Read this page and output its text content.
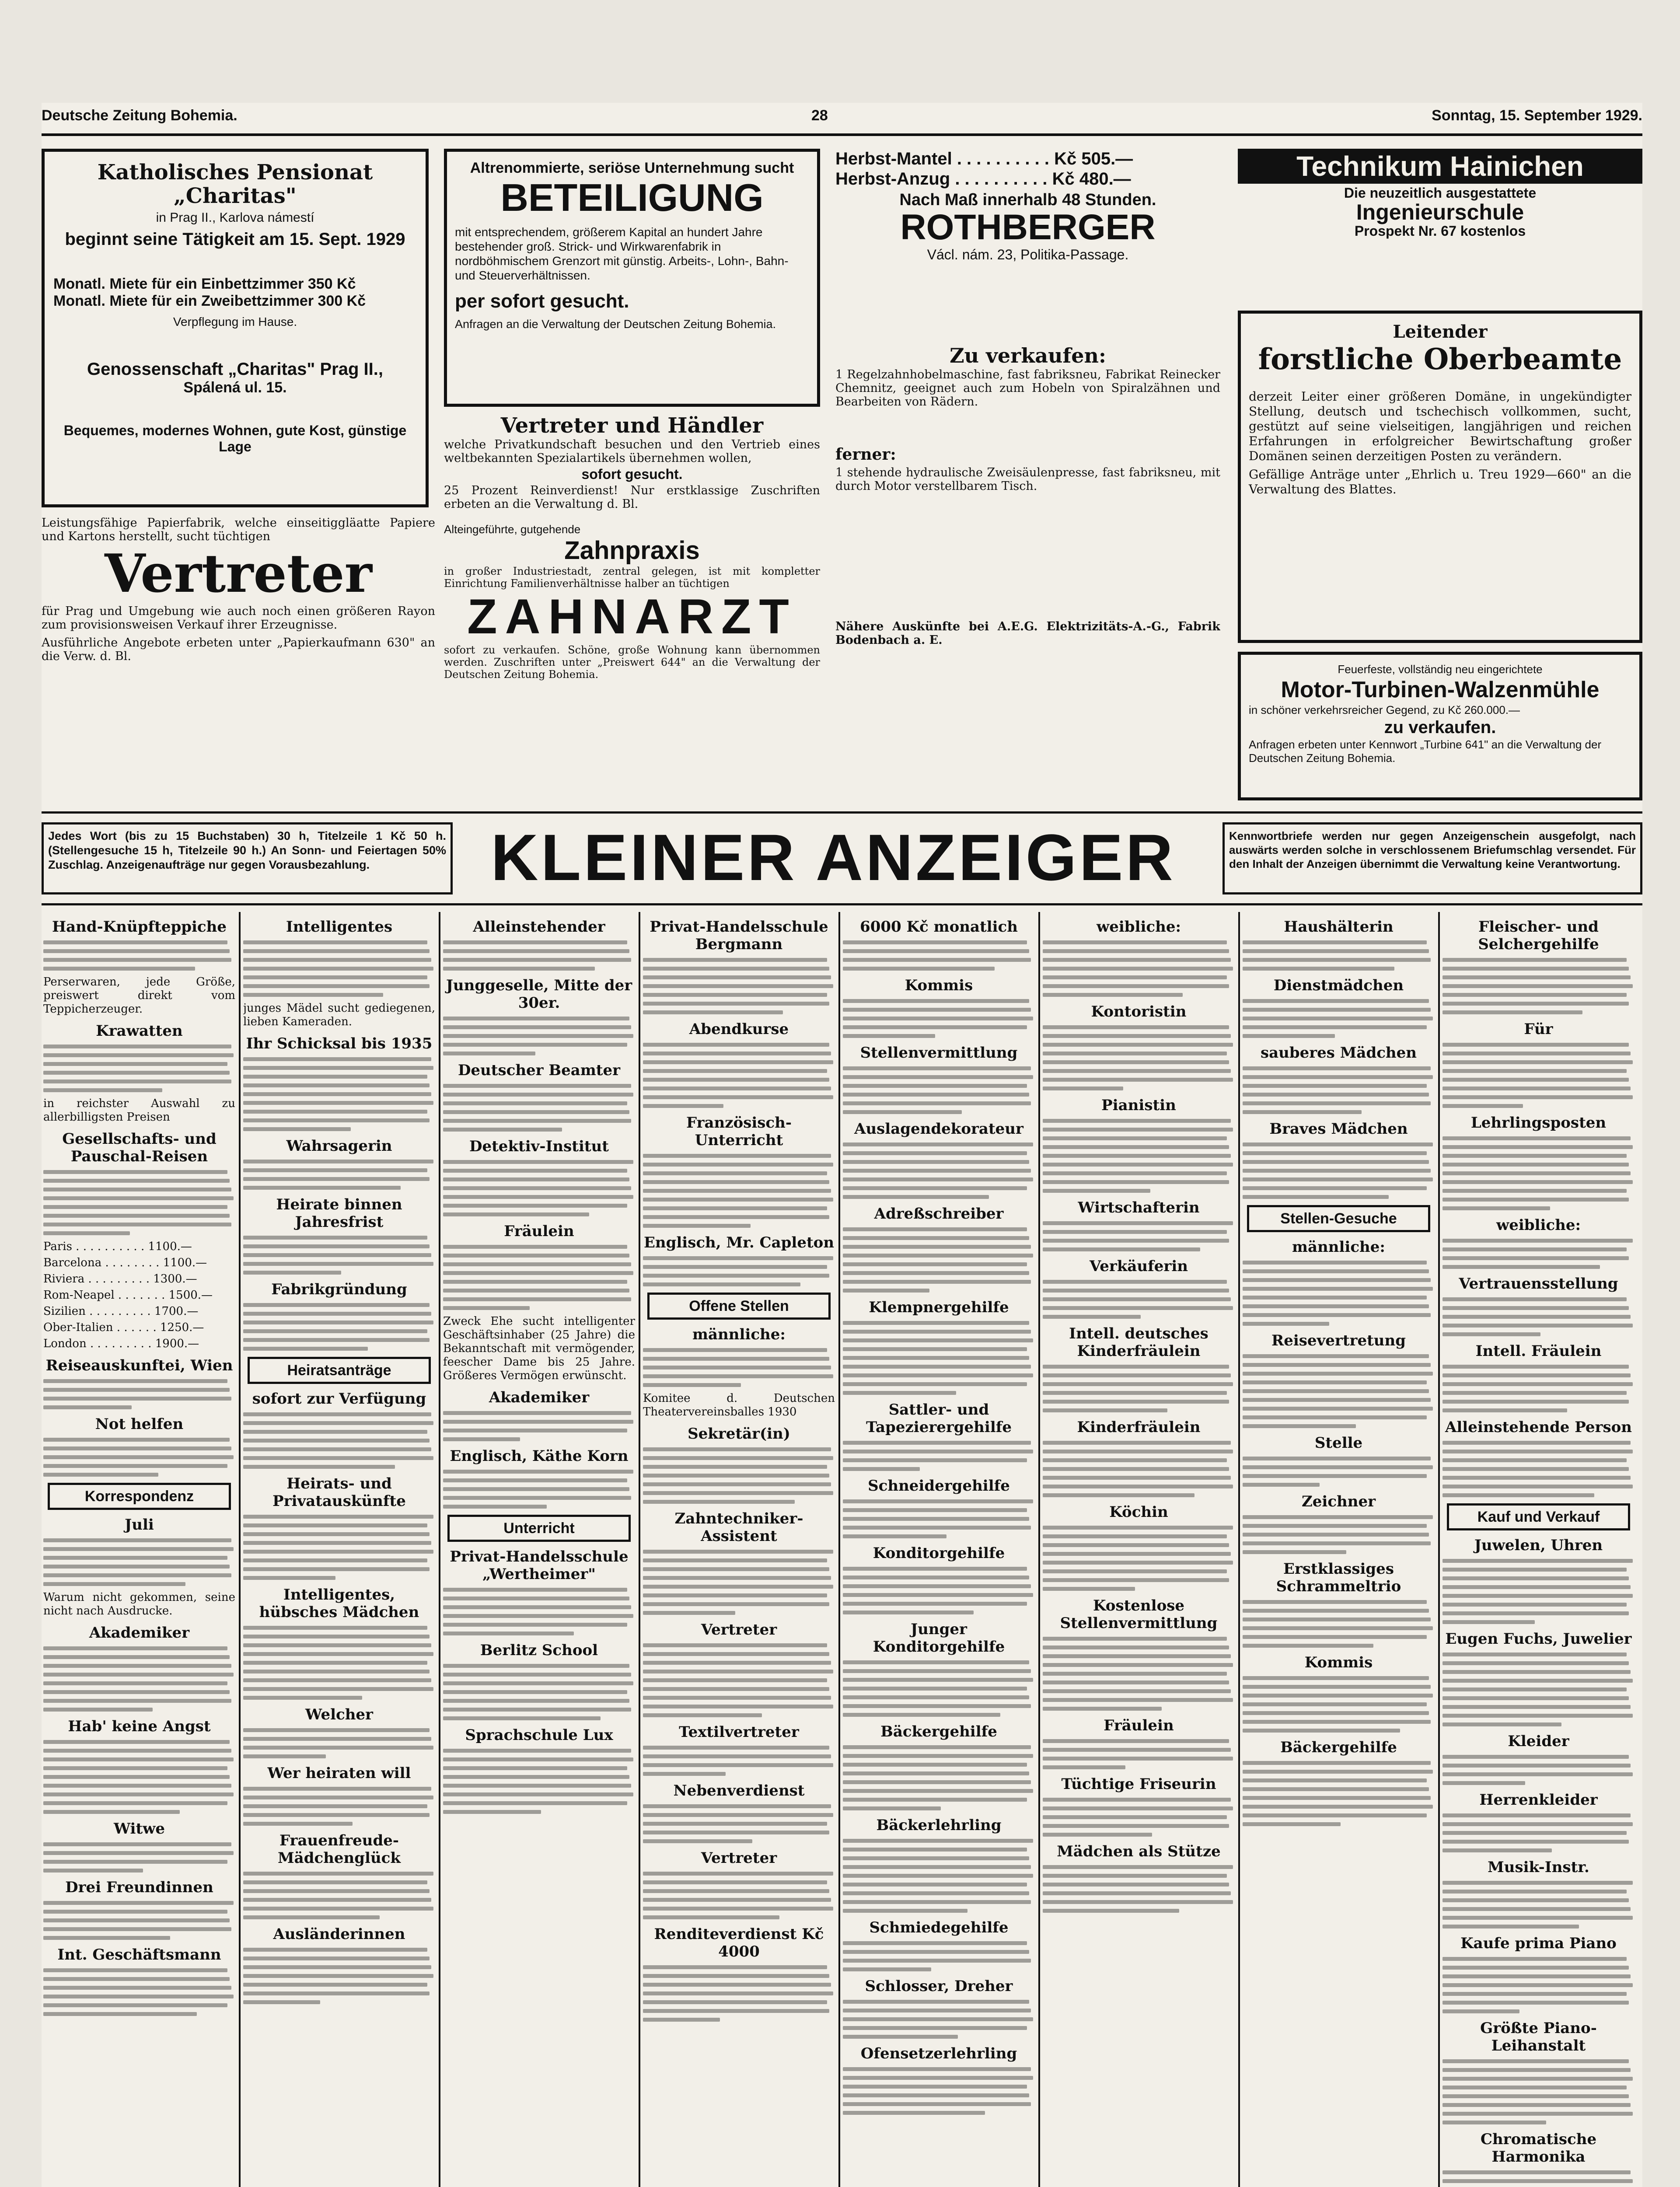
Deutsche Zeitung Bohemia.	28	Sonntag, 15. September 1929.
Katholisches Pensionat „Charitas"
in Prag II., Karlova námestí
beginnt seine Tätigkeit am 15. Sept. 1929
Monatl. Miete für ein Einbettzimmer 350 Kč
Monatl. Miete für ein Zweibettzimmer 300 Kč
Verpflegung im Hause.
Genossenschaft „Charitas" Prag II.,
Spálená ul. 15.
Bequemes, modernes Wohnen, gute Kost, günstige Lage
Altrenommierte, seriöse Unternehmung sucht
BETEILIGUNG
mit entsprechendem, größerem Kapital an hundert Jahre bestehender groß. Strick- und Wirkwarenfabrik in nordböhmischem Grenzort mit günstig. Arbeits-, Lohn-, Bahn- und Steuerverhältnissen.
per sofort gesucht.
Anfragen an die Verwaltung der Deutschen Zeitung Bohemia.
Vertreter und Händler
welche Privatkundschaft besuchen und den Vertrieb eines weltbekannten Spezialartikels übernehmen wollen,
sofort gesucht.
25 Prozent Reinverdienst! Nur erstklassige Zuschriften erbeten an die Verwaltung d. Bl.
Herbst-Mantel . . . . . . . . . . Kč 505.—
Herbst-Anzug . . . . . . . . . . Kč 480.—
Nach Maß innerhalb 48 Stunden.
ROTHBERGER
Václ. nám. 23, Politika-Passage.
Zu verkaufen:

1 Regelzahnhobelmaschine, fast fabriksneu, Fabrikat Reinecker Chemnitz, geeignet auch zum Hobeln von Spiralzähnen und Bearbeiten von Rädern.

ferner:

1 stehende hydraulische Zweisäulenpresse, fast fabriksneu, mit durch Motor verstellbarem Tisch.

Nähere Auskünfte bei A.E.G. Elektrizitäts-A.-G., Fabrik Bodenbach a. E.

Technikum Hainichen
Die neuzeitlich ausgestattete
Ingenieurschule
Prospekt Nr. 67 kostenlos
Leitender
forstliche Oberbeamte
derzeit Leiter einer größeren Domäne, in ungekündigter Stellung, deutsch und tschechisch vollkommen, sucht, gestützt auf seine vielseitigen, langjährigen und reichen Erfahrungen in erfolgreicher Bewirtschaftung großer Domänen seinen derzeitigen Posten zu verändern.
Gefällige Anträge unter „Ehrlich u. Treu 1929—660" an die Verwaltung des Blattes.
Leistungsfähige Papierfabrik, welche einseitiggläatte Papiere und Kartons herstellt, sucht tüchtigen
Vertreter

für Prag und Umgebung wie auch noch einen größeren Rayon zum provisionsweisen Verkauf ihrer Erzeugnisse.

Ausführliche Angebote erbeten unter „Papierkaufmann 630" an die Verw. d. Bl.

Alteingeführte, gutgehende
Zahnpraxis
in großer Industriestadt, zentral gelegen, ist mit kompletter Einrichtung Familienverhältnisse halber an tüchtigen
ZAHNARZT
sofort zu verkaufen. Schöne, große Wohnung kann übernommen werden. Zuschriften unter „Preiswert 644" an die Verwaltung der Deutschen Zeitung Bohemia.	Feuerfeste, vollständig neu eingerichtete
Motor-Turbinen-Walzenmühle
in schöner verkehrsreicher Gegend, zu Kč 260.000.—
zu verkaufen.
Anfragen erbeten unter Kennwort „Turbine 641" an die Verwaltung der Deutschen Zeitung Bohemia.
Jedes Wort (bis zu 15 Buchstaben) 30 h, Titelzeile 1 Kč 50 h. (Stellengesuche 15 h, Titelzeile 90 h.) An Sonn- und Feiertagen 50% Zuschlag. Anzeigenaufträge nur gegen Vorausbezahlung.	KLEINER ANZEIGER	Kennwortbriefe werden nur gegen Anzeigenschein ausgefolgt, nach auswärts werden solche in verschlossenem Briefumschlag versendet. Für den Inhalt der Anzeigen übernimmt die Verwaltung keine Verantwortung.
Hand-Knüpfteppiche
Perserwaren, jede Größe, preiswert direkt vom Teppicherzeuger.
Krawatten
in reichster Auswahl zu allerbilligsten Preisen
Gesellschafts- und Pauschal-Reisen
Paris . . . . . . . . . . 1100.—
Barcelona . . . . . . . . 1100.—
Riviera . . . . . . . . . 1300.—
Rom-Neapel . . . . . . . 1500.—
Sizilien . . . . . . . . . 1700.—
Ober-Italien . . . . . . 1250.—
London . . . . . . . . . 1900.—
Reiseauskunftei, Wien
Not helfen
Korrespondenz
Juli
Warum nicht gekommen, seine nicht nach Ausdrucke.
Akademiker
Hab' keine Angst
Witwe
Drei Freundinnen
Int. Geschäftsmann
Intelligentes
junges Mädel sucht gediegenen, lieben Kameraden.
Ihr Schicksal bis 1935
Wahrsagerin
Heirate binnen Jahresfrist
Fabrikgründung
Heiratsanträge
sofort zur Verfügung
Heirats- und Privatauskünfte
Intelligentes, hübsches Mädchen
Welcher
Wer heiraten will
Frauenfreude-Mädchenglück
Ausländerinnen
Alleinstehender
Junggeselle, Mitte der 30er.
Deutscher Beamter
Detektiv-Institut
Fräulein
Zweck Ehe sucht intelligenter Geschäftsinhaber (25 Jahre) die Bekanntschaft mit vermögender, feescher Dame bis 25 Jahre. Größeres Vermögen erwünscht.
Akademiker
Englisch, Käthe Korn
Unterricht
Privat-Handelsschule „Wertheimer"
Berlitz School
Sprachschule Lux
Privat-Handelsschule Bergmann
Abendkurse
Französisch-Unterricht
Englisch, Mr. Capleton
Offene Stellen
männliche:
Komitee d. Deutschen Theatervereinsballes 1930
Sekretär(in)
Zahntechniker-Assistent
Vertreter
Textilvertreter
Nebenverdienst
Vertreter
Renditeverdienst Kč 4000
6000 Kč monatlich
Kommis
Stellenvermittlung
Auslagendekorateur
Adreßschreiber
Klempnergehilfe
Sattler- und Tapezierergehilfe
Schneidergehilfe
Konditorgehilfe
Junger Konditorgehilfe
Bäckergehilfe
Bäckerlehrling
Schmiedegehilfe
Schlosser, Dreher
Ofensetzerlehrling
weibliche:
Kontoristin
Pianistin
Wirtschafterin
Verkäuferin
Intell. deutsches Kinderfräulein
Kinderfräulein
Köchin
Kostenlose Stellenvermittlung
Fräulein
Tüchtige Friseurin
Mädchen als Stütze
Haushälterin
Dienstmädchen
sauberes Mädchen
Braves Mädchen
Stellen-Gesuche
männliche:
Reisevertretung
Stelle
Zeichner
Erstklassiges Schrammeltrio
Kommis
Bäckergehilfe
Fleischer- und Selchergehilfe
Für
Lehrlingsposten
weibliche:
Vertrauensstellung
Intell. Fräulein
Alleinstehende Person
Kauf und Verkauf
Juwelen, Uhren
Eugen Fuchs, Juwelier
Kleider
Herrenkleider
Musik-Instr.
Kaufe prima Piano
Größte Piano-Leihanstalt
Chromatische Harmonika
